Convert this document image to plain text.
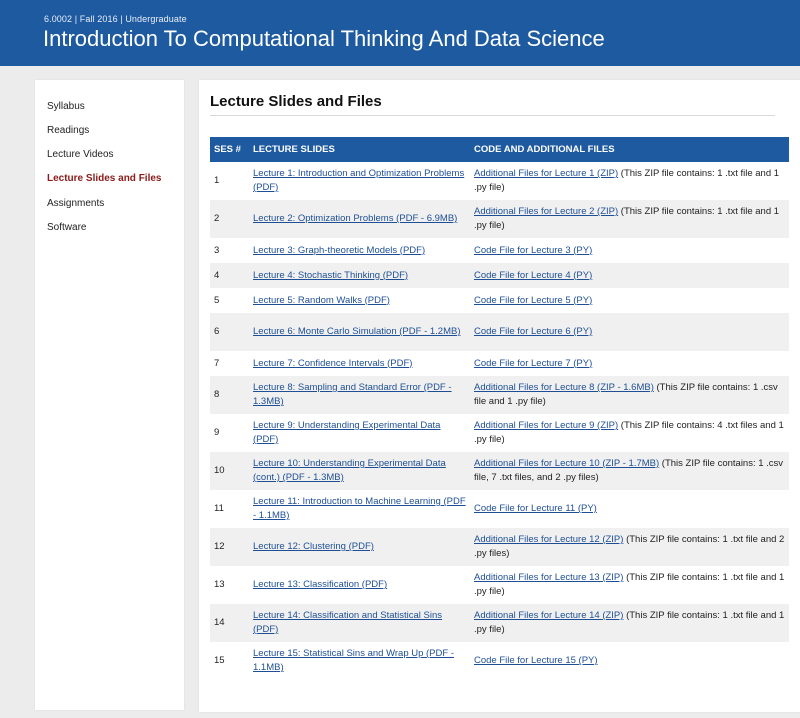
6.0002 | Fall 2016 | Undergraduate
Introduction To Computational Thinking And Data Science
Syllabus
Readings
Lecture Videos
Lecture Slides and Files
Assignments
Software
Lecture Slides and Files
SES #	LECTURE SLIDES	CODE AND ADDITIONAL FILES
1	Lecture 1: Introduction and Optimization Problems (PDF)	Additional Files for Lecture 1 (ZIP) (This ZIP file contains: 1 .txt file and 1 .py file)
2	Lecture 2: Optimization Problems (PDF - 6.9MB)	Additional Files for Lecture 2 (ZIP) (This ZIP file contains: 1 .txt file and 1 .py file)
3	Lecture 3: Graph-theoretic Models (PDF)	Code File for Lecture 3 (PY)
4	Lecture 4: Stochastic Thinking (PDF)	Code File for Lecture 4 (PY)
5	Lecture 5: Random Walks (PDF)	Code File for Lecture 5 (PY)
6	Lecture 6: Monte Carlo Simulation (PDF - 1.2MB)	Code File for Lecture 6 (PY)
7	Lecture 7: Confidence Intervals (PDF)	Code File for Lecture 7 (PY)
8	Lecture 8: Sampling and Standard Error (PDF - 1.3MB)	Additional Files for Lecture 8 (ZIP - 1.6MB) (This ZIP file contains: 1 .csv file and 1 .py file)
9	Lecture 9: Understanding Experimental Data (PDF)	Additional Files for Lecture 9 (ZIP) (This ZIP file contains: 4 .txt files and 1 .py file)
10	Lecture 10: Understanding Experimental Data (cont.) (PDF - 1.3MB)	Additional Files for Lecture 10 (ZIP - 1.7MB) (This ZIP file contains: 1 .csv file, 7 .txt files, and 2 .py files)
11	Lecture 11: Introduction to Machine Learning (PDF - 1.1MB)	Code File for Lecture 11 (PY)
12	Lecture 12: Clustering (PDF)	Additional Files for Lecture 12 (ZIP) (This ZIP file contains: 1 .txt file and 2 .py files)
13	Lecture 13: Classification (PDF)	Additional Files for Lecture 13 (ZIP) (This ZIP file contains: 1 .txt file and 1 .py file)
14	Lecture 14: Classification and Statistical Sins (PDF)	Additional Files for Lecture 14 (ZIP) (This ZIP file contains: 1 .txt file and 1 .py file)
15	Lecture 15: Statistical Sins and Wrap Up (PDF - 1.1MB)	Code File for Lecture 15 (PY)
